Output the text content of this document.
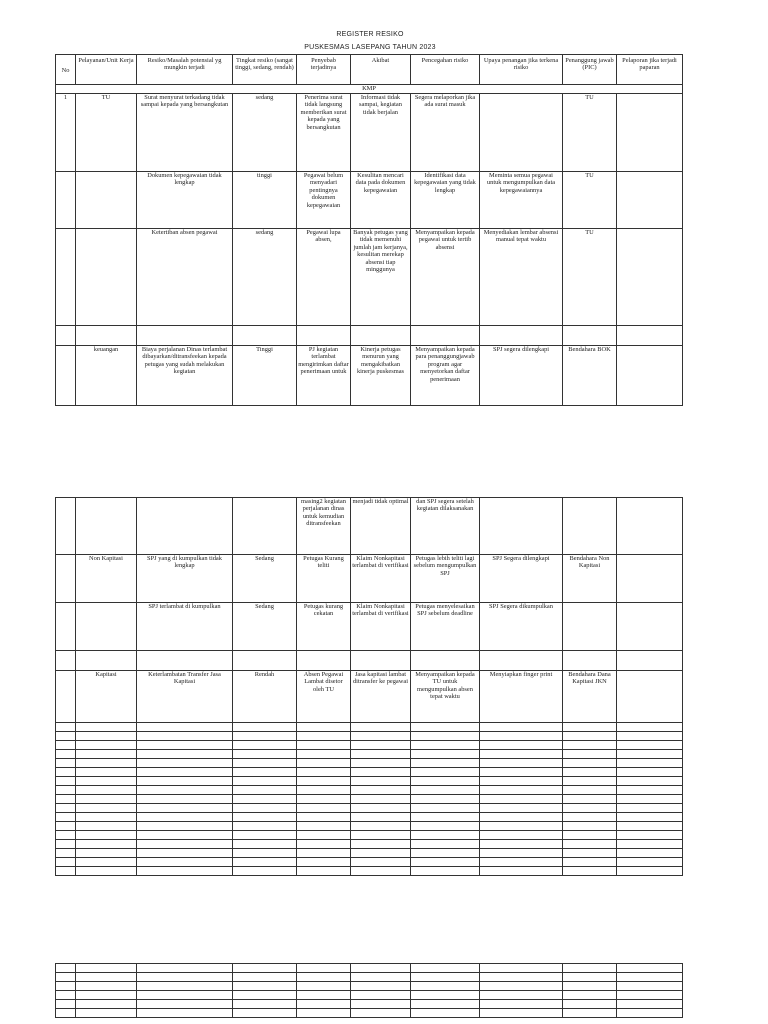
REGISTER RESIKO
PUSKESMAS LASEPANG TAHUN 2023
No	Pelayanan/Unit Kerja	Resiko/Masalah potensial yg mungkin terjadi	Tingkat resiko (sangat tinggi, sedang, rendah)	Penyebab terjadinya	Akibat	Pencegahan risiko	Upaya penangan jika terkena risiko	Penanggung jawab (PIC)	Pelaporan jika terjadi paparan
KMP									
1	TU	Surat menyurat terkadang tidak sampai kepada yang bersangkutan	sedang	Penerima surat tidak langsung memberikan surat kepada yang bersangkutan	Informasi tidak sampai, kegiatan tidak berjalan	Segera melaporkan jika ada surat masuk		TU	
		Dokumen kepegawaian tidak lengkap	tinggi	Pegawai belum menyadari pentingnya dokumen kepegawaian	Kesulitan mencari data pada dokumen kepegawaian	Identifikasi data kepegawaian yang tidak lengkap	Meminta semua pegawai untuk mengumpulkan data kepegawaiannya	TU	
		Ketertiban absen pegawai	sedang	Pegawai lupa absen,	Banyak petugas yang tidak memenuhi jumlah jam kerjanya, kesulitan merekap absensi tiap minggunya	Menyampaikan kepada pegawai untuk tertib absensi	Menyediakan lembar absensi manual tepat waktu	TU	

	keuangan	Biaya perjalanan Dinas terlambat dibayarkan/ditransfeekan kepada petugas yang sudah melakukan kegiatan	Tinggi	PJ kegiatan terlambat mengirimkan daftar penerimaan untuk	Kinerja petugas menurun yang mengakibatkan kinerja puskesmas	Menyampaikan kepada para penanggungjawab program agar menyetorkan daftar penerimaan	SPJ segera dilengkapi	Bendahara BOK	
				masing2 kegiatan perjalanan dinas untuk kemudian ditransfeekan	menjadi tidak optimal	dan SPJ segera setelah kegiatan dilaksanakan			
	Non Kapitasi	SPJ yang di kumpulkan tidak lengkap	Sedang	Petugas Kurang teliti	Klaim Nonkapitasi terlambat di verifikasi	Petugas lebih teliti lagi sebelum mengumpulkan SPJ	SPJ Segera dilengkapi	Bendahara Non Kapitasi	
		SPJ terlambat di kumpulkan	Sedang	Petugas kurang cekatan	Klaim Nonkapitasi terlambat di verifikasi	Petugas menyelesaikan SPJ sebelum deadline	SPJ Segera dikumpulkan		

	Kapitasi	Keterlambatan Transfer Jasa Kapitasi	Rendah	Absen Pegawai Lambat disetor oleh TU	Jasa kapitasi lambat ditransfer ke pegawai	Menyampaikan kepada TU untuk mengumpulkan absen tepat waktu	Menyiapkan finger print	Bendahara Dana Kapitasi JKN	
